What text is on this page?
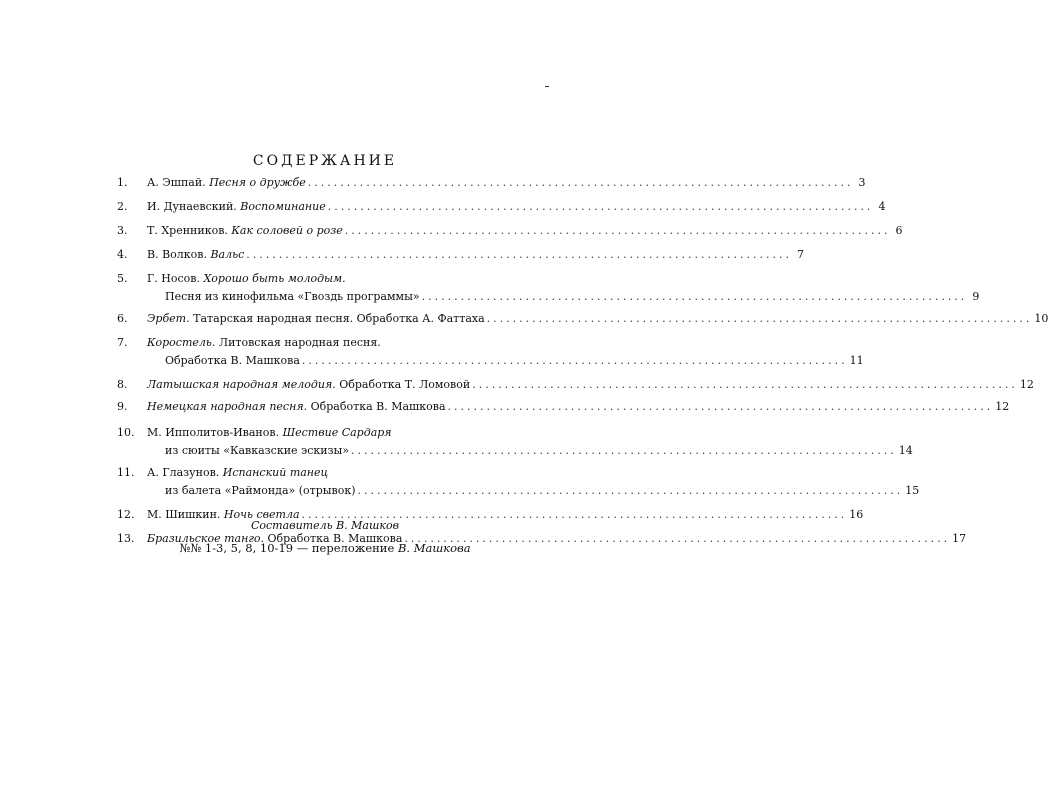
СОДЕРЖАНИЕ
1.	А. Эшпай. Песня о дружбе .....	3
2.	И. Дунаевский. Воспоминание .....	4
3.	Т. Хренников. Как соловей о розе .....	6
4.	В. Волков. Вальс .....	7
5.	Г. Носов. Хорошо быть молодым.
Песня из кинофильма «Гвоздь программы» .....	9
6.	Эрбет. Татарская народная песня. Обработка А. Фаттаха .....	10
7.	Коростель. Литовская народная песня.
Обработка В. Машкова .....	11
8.	Латышская народная мелодия. Обработка Т. Ломовой .....	12
9.	Немецкая народная песня. Обработка В. Машкова .....	12
10.	М. Ипполитов-Иванов. Шествие Сардаря
из сюиты «Кавказские эскизы» .....	14
11.	А. Глазунов. Испанский танец
из балета «Раймонда» (отрывок) .....	15
12.	М. Шишкин. Ночь светла .....	16
13.	Бразильское танго. Обработка В. Машкова .....	17
Составитель В. Машков
№№ 1-3, 5, 8, 10-19 — переложение В. Машкова
